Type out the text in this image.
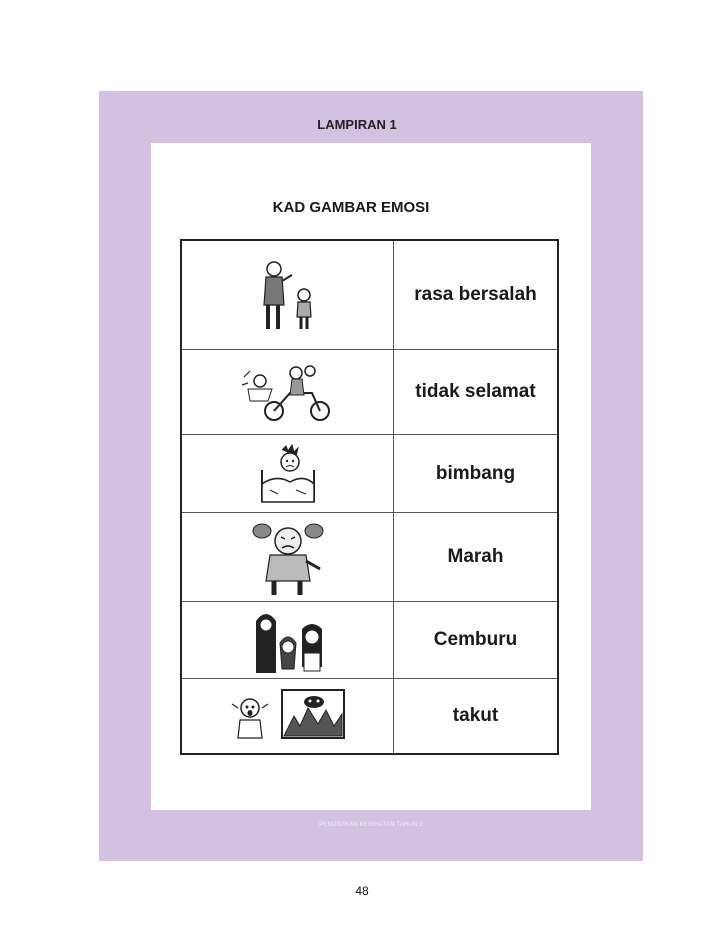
LAMPIRAN 1
KAD GAMBAR EMOSI
rasa bersalah
tidak selamat
bimbang
Marah
Cemburu
takut
PENDIDIKAN KESIHATAN TAHUN 2
48
